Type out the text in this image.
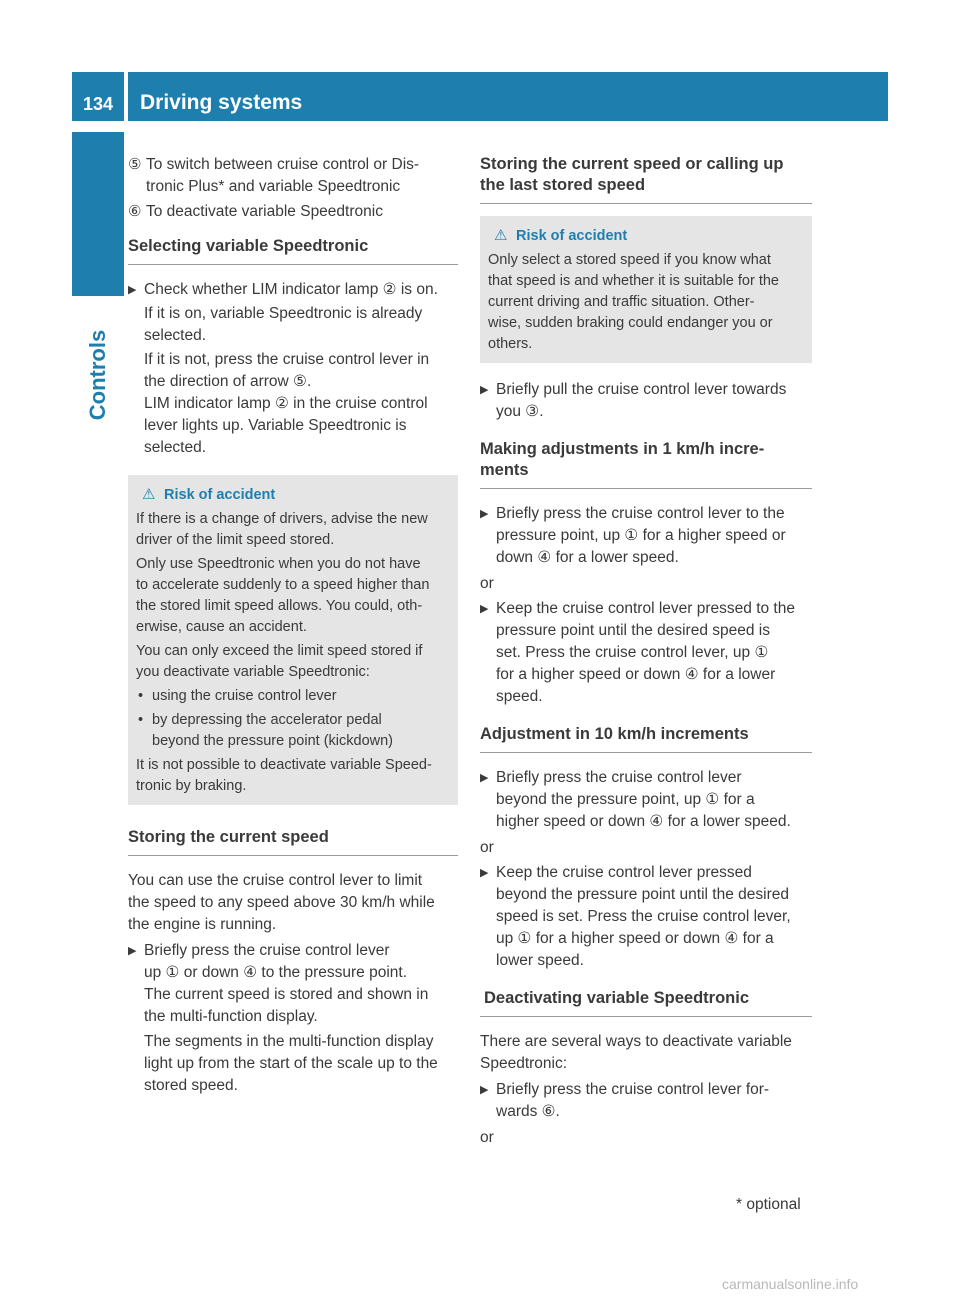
134	Driving systems
Controls
⑤ To switch between cruise control or Dis-
tronic Plus* and variable Speedtronic
⑥ To deactivate variable Speedtronic
Selecting variable Speedtronic
▶ Check whether LIM indicator lamp ② is on.
If it is on, variable Speedtronic is already
selected.
If it is not, press the cruise control lever in
the direction of arrow ⑤.
LIM indicator lamp ② in the cruise control
lever lights up. Variable Speedtronic is
selected.
⚠ Risk of accident

If there is a change of drivers, advise the new

driver of the limit speed stored.

Only use Speedtronic when you do not have

to accelerate suddenly to a speed higher than

the stored limit speed allows. You could, oth-

erwise, cause an accident.

You can only exceed the limit speed stored if

you deactivate variable Speedtronic:

• using the cruise control lever
• by depressing the accelerator pedal
beyond the pressure point (kickdown)

It is not possible to deactivate variable Speed-

tronic by braking.

Storing the current speed
You can use the cruise control lever to limit
the speed to any speed above 30 km/h while
the engine is running.
▶ Briefly press the cruise control lever
up ① or down ④ to the pressure point.
The current speed is stored and shown in
the multi-function display.
The segments in the multi-function display
light up from the start of the scale up to the
stored speed.
Storing the current speed or calling up
the last stored speed
⚠ Risk of accident

Only select a stored speed if you know what

that speed is and whether it is suitable for the

current driving and traffic situation. Other-

wise, sudden braking could endanger you or

others.

▶ Briefly pull the cruise control lever towards
you ③.
Making adjustments in 1 km/h incre-
ments
▶ Briefly press the cruise control lever to the
pressure point, up ① for a higher speed or
down ④ for a lower speed.
or
▶ Keep the cruise control lever pressed to the
pressure point until the desired speed is
set. Press the cruise control lever, up ①
for a higher speed or down ④ for a lower
speed.
Adjustment in 10 km/h increments
▶ Briefly press the cruise control lever
beyond the pressure point, up ① for a
higher speed or down ④ for a lower speed.
or
▶ Keep the cruise control lever pressed
beyond the pressure point until the desired
speed is set. Press the cruise control lever,
up ① for a higher speed or down ④ for a
lower speed.
Deactivating variable Speedtronic
There are several ways to deactivate variable
Speedtronic:
▶ Briefly press the cruise control lever for-
wards ⑥.
or
* optional
carmanualsonline.info
